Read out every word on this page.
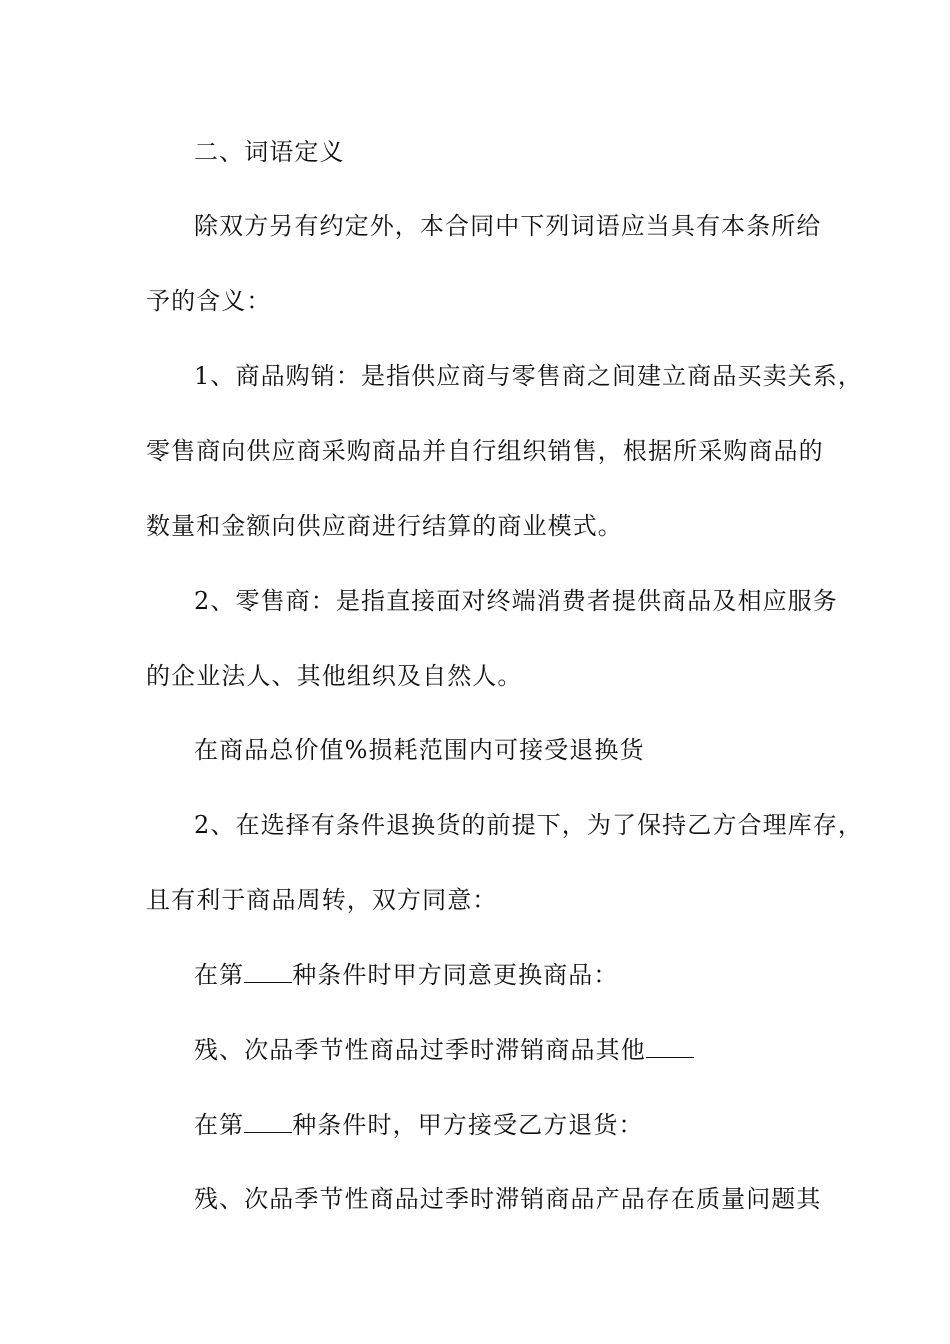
二、词语定义
除双方另有约定外，本合同中下列词语应当具有本条所给
予的含义：
1、商品购销：是指供应商与零售商之间建立商品买卖关系，
零售商向供应商采购商品并自行组织销售，根据所采购商品的
数量和金额向供应商进行结算的商业模式。
2、零售商：是指直接面对终端消费者提供商品及相应服务
的企业法人、其他组织及自然人。
在商品总价值%损耗范围内可接受退换货
2、在选择有条件退换货的前提下，为了保持乙方合理库存，
且有利于商品周转，双方同意：
在第 种条件时甲方同意更换商品：
残、次品季节性商品过季时滞销商品其他
在第 种条件时，甲方接受乙方退货：
残、次品季节性商品过季时滞销商品产品存在质量问题其
